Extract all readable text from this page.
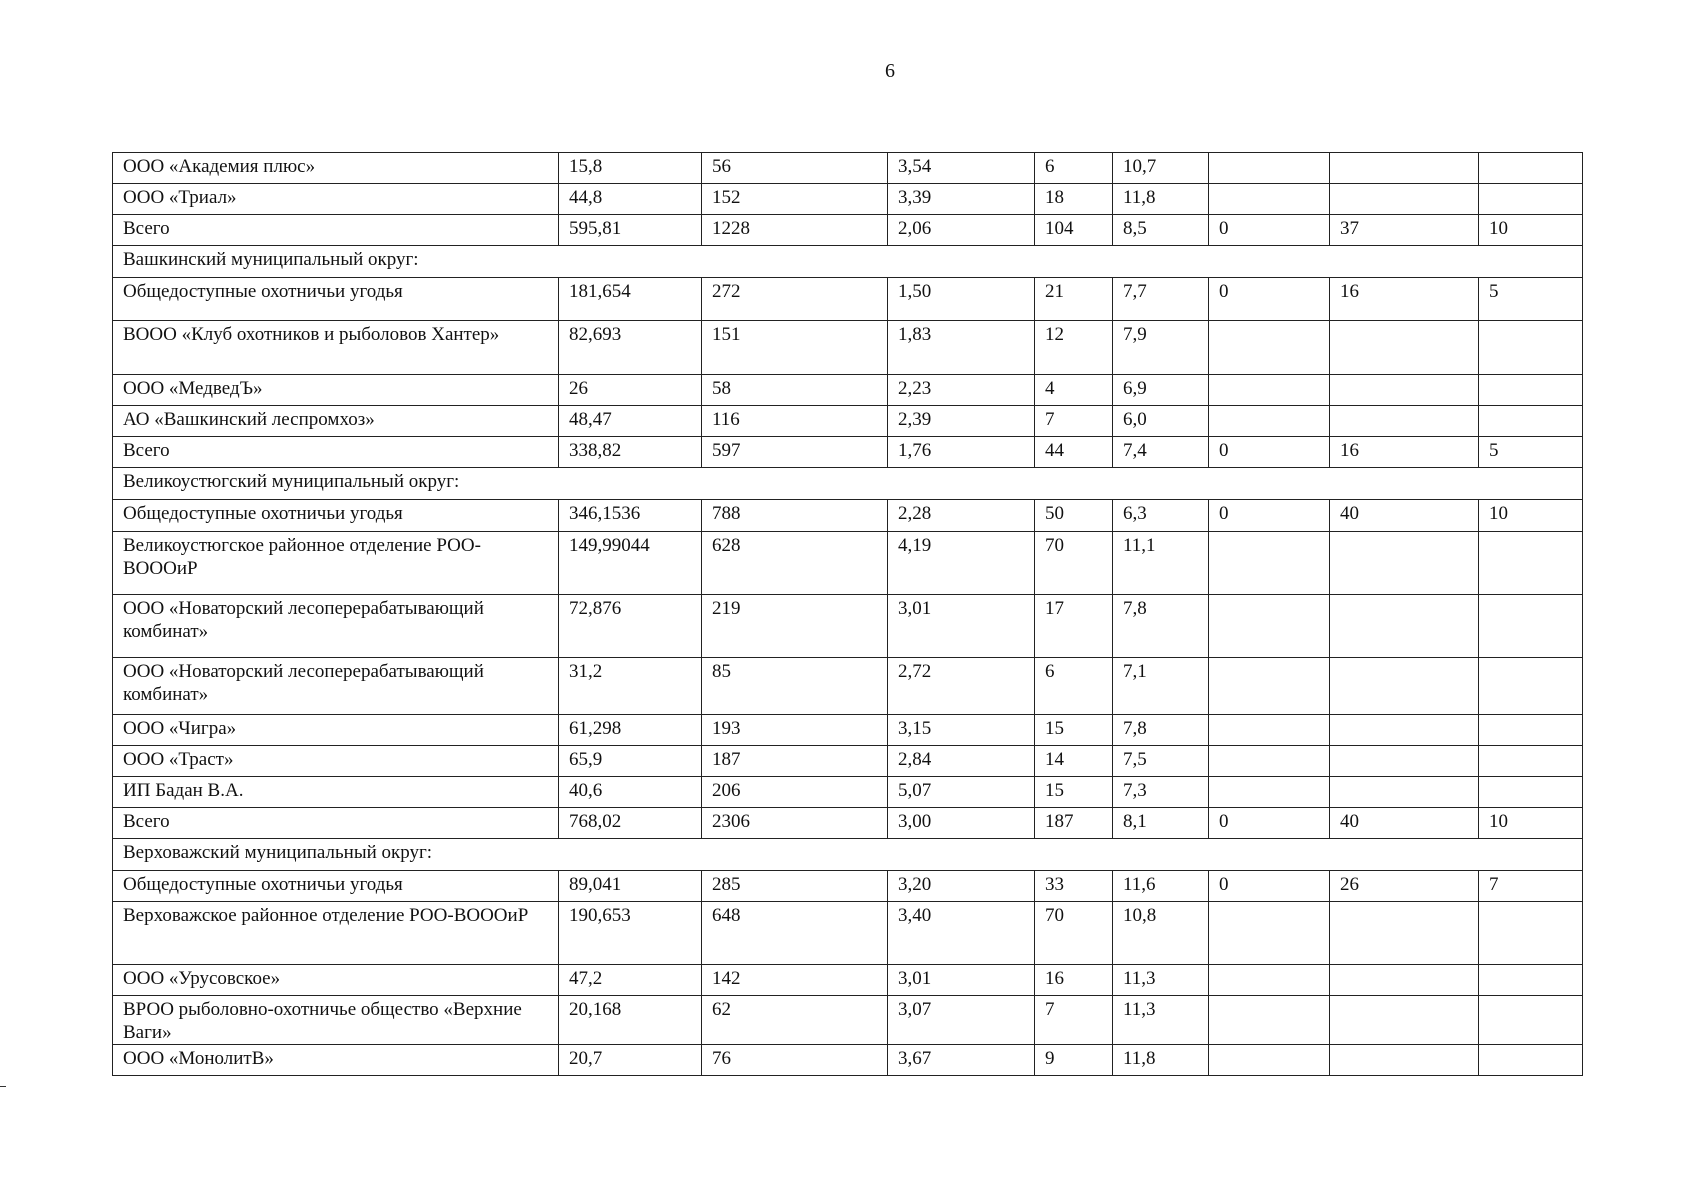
6
ООО «Академия плюс»	15,8	56	3,54	6	10,7			
ООО «Триал»	44,8	152	3,39	18	11,8			
Всего	595,81	1228	2,06	104	8,5	0	37	10
Вашкинский муниципальный округ:								
Общедоступные охотничьи угодья	181,654	272	1,50	21	7,7	0	16	5
ВООО «Клуб охотников и рыболовов Хантер»	82,693	151	1,83	12	7,9			
ООО «МедведЪ»	26	58	2,23	4	6,9			
АО «Вашкинский леспромхоз»	48,47	116	2,39	7	6,0			
Всего	338,82	597	1,76	44	7,4	0	16	5
Великоустюгский муниципальный округ:								
Общедоступные охотничьи угодья	346,1536	788	2,28	50	6,3	0	40	10
Великоустюгское районное отделение РОО-ВОООиР	149,99044	628	4,19	70	11,1			
ООО «Новаторский лесоперерабатывающий комбинат»	72,876	219	3,01	17	7,8			
ООО «Новаторский лесоперерабатывающий комбинат»	31,2	85	2,72	6	7,1			
ООО «Чигра»	61,298	193	3,15	15	7,8			
ООО «Траст»	65,9	187	2,84	14	7,5			
ИП Бадан В.А.	40,6	206	5,07	15	7,3			
Всего	768,02	2306	3,00	187	8,1	0	40	10
Верховажский муниципальный округ:								
Общедоступные охотничьи угодья	89,041	285	3,20	33	11,6	0	26	7
Верховажское районное отделение РОО-ВОООиР	190,653	648	3,40	70	10,8			
ООО «Урусовское»	47,2	142	3,01	16	11,3			
ВРОО рыболовно-охотничье общество «Верхние Ваги»	20,168	62	3,07	7	11,3			
ООО «МонолитВ»	20,7	76	3,67	9	11,8			
